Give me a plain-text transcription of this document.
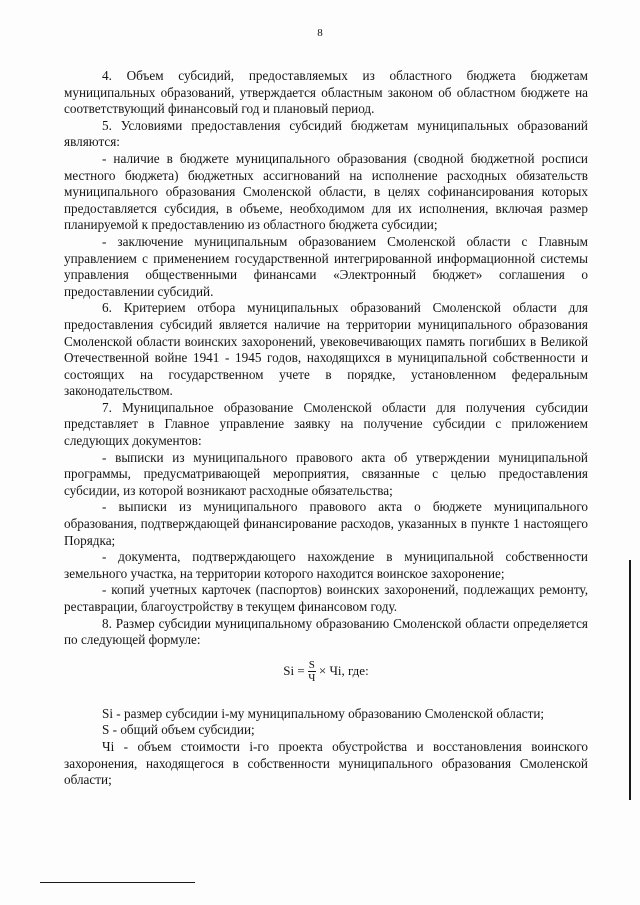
8

4. Объем субсидий, предоставляемых из областного бюджета бюджетам муниципальных образований, утверждается областным законом об областном бюджете на соответствующий финансовый год и плановый период.

5. Условиями предоставления субсидий бюджетам муниципальных образований являются:

- наличие в бюджете муниципального образования (сводной бюджетной росписи местного бюджета) бюджетных ассигнований на исполнение расходных обязательств муниципального образования Смоленской области, в целях софинансирования которых предоставляется субсидия, в объеме, необходимом для их исполнения, включая размер планируемой к предоставлению из областного бюджета субсидии;

- заключение муниципальным образованием Смоленской области с Главным управлением с применением государственной интегрированной информационной системы управления общественными финансами «Электронный бюджет» соглашения о предоставлении субсидий.

6. Критерием отбора муниципальных образований Смоленской области для предоставления субсидий является наличие на территории муниципального образования Смоленской области воинских захоронений, увековечивающих память погибших в Великой Отечественной войне 1941 - 1945 годов, находящихся в муниципальной собственности и состоящих на государственном учете в порядке, установленном федеральным законодательством.

7. Муниципальное образование Смоленской области для получения субсидии представляет в Главное управление заявку на получение субсидии с приложением следующих документов:

- выписки из муниципального правового акта об утверждении муниципальной программы, предусматривающей мероприятия, связанные с целью предоставления субсидии, из которой возникают расходные обязательства;

- выписки из муниципального правового акта о бюджете муниципального образования, подтверждающей финансирование расходов, указанных в пункте 1 настоящего Порядка;

- документа, подтверждающего нахождение в муниципальной собственности земельного участка, на территории которого находится воинское захоронение;

- копий учетных карточек (паспортов) воинских захоронений, подлежащих ремонту, реставрации, благоустройству в текущем финансовом году.

8. Размер субсидии муниципальному образованию Смоленской области определяется по следующей формуле:

$Si = \frac{S}{Ч}$ × Чi, где:

Si - размер субсидии i-му муниципальному образованию Смоленской области;

S - общий объем субсидии;

Чi - объем стоимости i-го проекта обустройства и восстановления воинского захоронения, находящегося в собственности муниципального образования Смоленской области;
